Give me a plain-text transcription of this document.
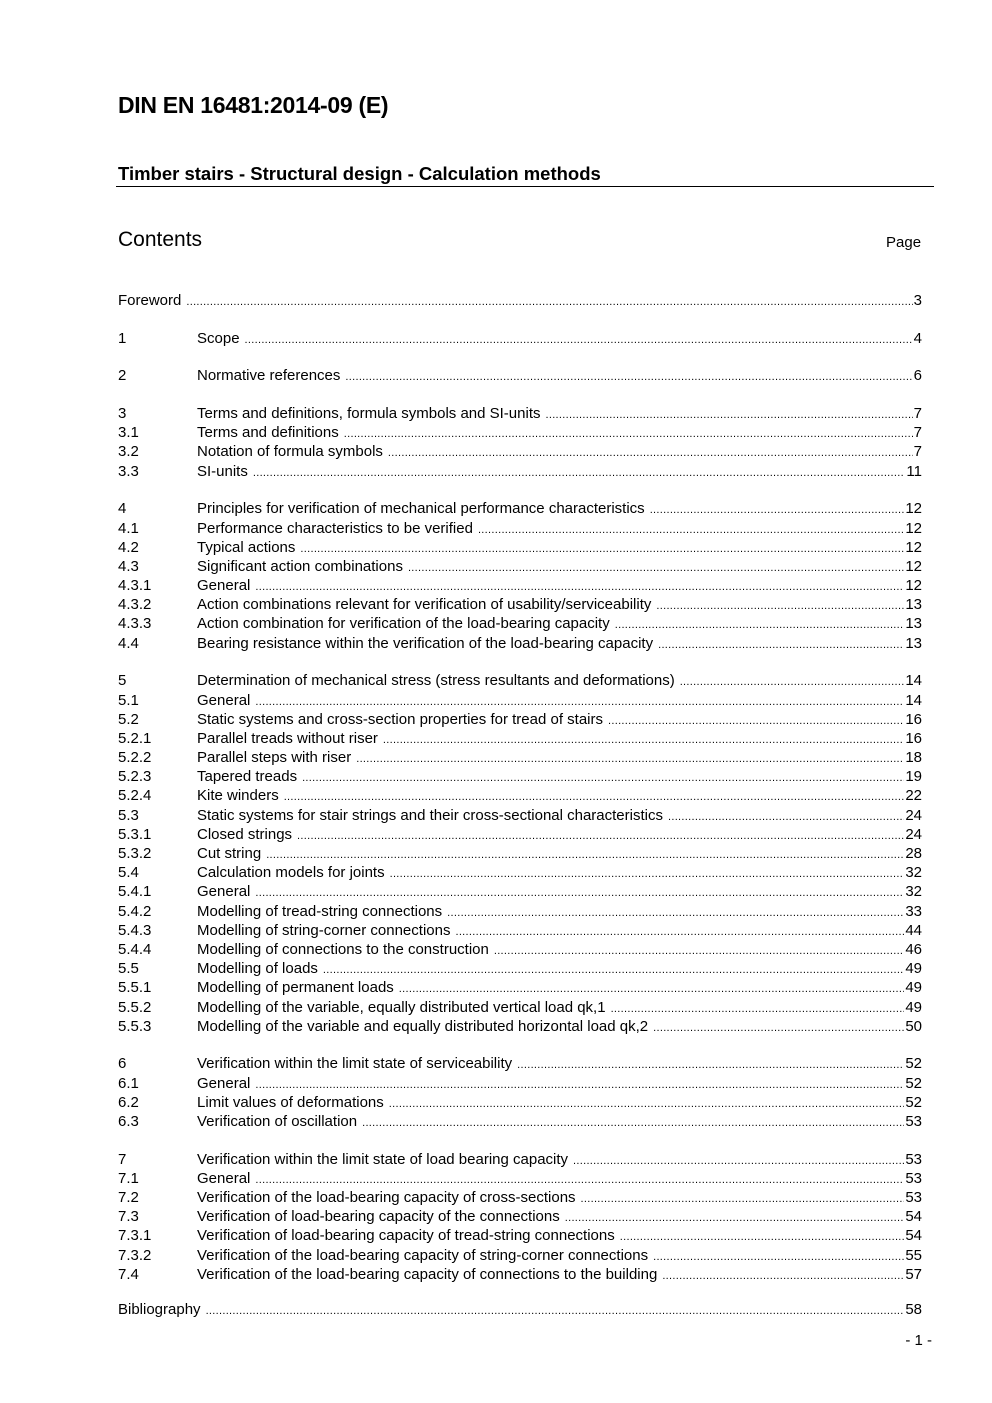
DIN EN 16481:2014-09 (E)
Timber stairs - Structural design - Calculation methods
Contents	Page
Foreword .....	3
1	Scope .....	4
2	Normative references .....	6
3	Terms and definitions, formula symbols and SI-units .....	7
3.1	Terms and definitions .....	7
3.2	Notation of formula symbols .....	7
3.3	SI-units .....	11
4	Principles for verification of mechanical performance characteristics .....	12
4.1	Performance characteristics to be verified .....	12
4.2	Typical actions .....	12
4.3	Significant action combinations .....	12
4.3.1	General .....	12
4.3.2	Action combinations relevant for verification of usability/serviceability .....	13
4.3.3	Action combination for verification of the load-bearing capacity .....	13
4.4	Bearing resistance within the verification of the load-bearing capacity .....	13
5	Determination of mechanical stress (stress resultants and deformations) .....	14
5.1	General .....	14
5.2	Static systems and cross-section properties for tread of stairs .....	16
5.2.1	Parallel treads without riser .....	16
5.2.2	Parallel steps with riser .....	18
5.2.3	Tapered treads .....	19
5.2.4	Kite winders .....	22
5.3	Static systems for stair strings and their cross-sectional characteristics .....	24
5.3.1	Closed strings .....	24
5.3.2	Cut string .....	28
5.4	Calculation models for joints .....	32
5.4.1	General .....	32
5.4.2	Modelling of tread-string connections .....	33
5.4.3	Modelling of string-corner connections .....	44
5.4.4	Modelling of connections to the construction .....	46
5.5	Modelling of loads .....	49
5.5.1	Modelling of permanent loads .....	49
5.5.2	Modelling of the variable, equally distributed vertical load qk,1 .....	49
5.5.3	Modelling of the variable and equally distributed horizontal load qk,2 .....	50
6	Verification within the limit state of serviceability .....	52
6.1	General .....	52
6.2	Limit values of deformations .....	52
6.3	Verification of oscillation .....	53
7	Verification within the limit state of load bearing capacity .....	53
7.1	General .....	53
7.2	Verification of the load-bearing capacity of cross-sections .....	53
7.3	Verification of load-bearing capacity of the connections .....	54
7.3.1	Verification of load-bearing capacity of tread-string connections .....	54
7.3.2	Verification of the load-bearing capacity of string-corner connections .....	55
7.4	Verification of the load-bearing capacity of connections to the building .....	57
Bibliography .....	58
- 1 -
